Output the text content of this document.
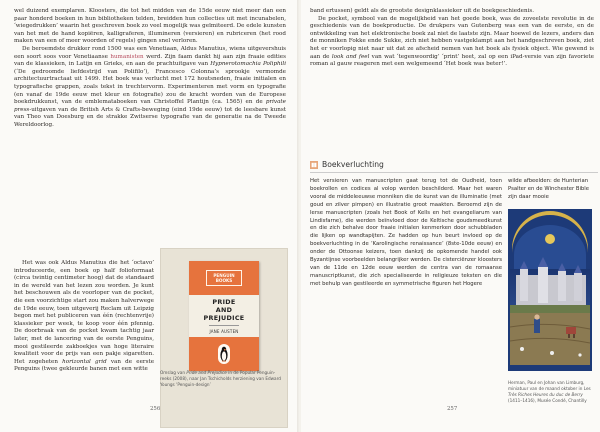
wel duizend exemplaren. Kloosters, die tot het midden van de 15de eeuw niet meer dan een paar honderd boeken in hun bibliotheken telden, breidden hun collecties uit met incunabelen, ‘wiegedrukken’ waarin het geschreven boek zo veel mogelijk was geïmiteerd. De edele kunsten van het met de hand kopiëren, kalligraferen, illumineren (versieren) en rubriceren (het rood maken van een of meer woorden of regels) gingen snel verloren.

De beroemdste drukker rond 1500 was een Venetiaan, Aldus Manutius, wiens uitgevershuis een soort soos voor Venetiaanse humanisten werd. Zijn faam dankt hij aan zijn fraaie edities van de klassieken, in Latijn en Grieks, en aan de prachtuitgave van Hypnerotomachia Poliphili (‘De gedroomde liefdestrijd van Polifilo’), Francesco Colonna’s sprookje vermomde architectuurtractaat uit 1499. Het boek was verlucht met 172 houtsneden, fraaie initialen en typografische grappen, zoals tekst in trechtervorm. Experimenteren met vorm en typografie (en vanaf de 19de eeuw met kleur en fotografie) zou de kracht worden van de Europese boekdrukkunst, van de emblemataboeken van Christoffel Plantijn (ca. 1565) en de private press-uitgaven van de British Arts & Crafts-beweging (eind 19de eeuw) tot de leesbare kunst van Theo van Doesburg en de strakke Zwitserse typografie van de generatie na de Tweede Wereldoorlog.

Het was ook Aldus Manutius die het ‘octavo’ introduceerde, een boek op half folioformaat (circa twintig centimeter hoog) dat de standaard in de wereld van het lezen zou worden. Je kunt het beschouwen als de voorloper van de pocket, die een voorzichtige start zou maken halverwege de 19de eeuw, toen uitgeverij Reclam uit Leipzig begon met het publiceren van één (rechtenvrije) klassieker per week, te koop voor één pfennig. De doorbraak van de pocket kwam tachtig jaar later, met de lancering van de eerste Penguins, mooi gestileerde zakboekjes van hoge literaire kwaliteit voor de prijs van een pakje sigaretten. Het zogeheten horizontal grid van de eerste Penguins (twee gekleurde banen met een witte

PENGUIN
BOOKS
PRIDE
AND
PREJUDICE
JANE AUSTEN
Omslag van Pride and Prejudice in de Popular Penguin-reeks (2008), naar Jan Tschicholds herziening van Edward Youngs ‘Penguin-design’
256

band ertussen) geldt als de grootste designklassieker uit de boekgeschiedenis.

De pocket, symbool van de mogelijkheid van het goede boek, was de zoveelste revolutie in de geschiedenis van de boekproductie. De drukpers van Gutenberg was een van de eerste, en de ontwikkeling van het elektronische boek zal niet de laatste zijn. Maar hoewel de lezers, anders dan de monniken Fokke ende Sukke, zich niet hebben vastgeklampt aan het handgeschreven boek, ziet het er voorlopig niet naar uit dat ze afscheid nemen van het boek als fysiek object. Wie gewend is aan de look and feel van wat ‘tegenwoordig’ ‘print’ heet, zal op een iPad-versie van zijn favoriete roman al gauw reageren met een welgemeend ‘Het boek was beter!’.

Boekverluchting
Het versieren van manuscripten gaat terug tot de Oudheid, toen boekrollen en codices al volop werden beschilderd. Maar het waren vooral de middeleeuwse monniken die de kunst van de illuminatie (met goud en zilver pimpen) en illustratie groot maakten. Beroemd zijn de Ierse manuscripten (zoals het Book of Kells en het evangeliarum van Lindisfarne), die werden beïnvloed door de Keltische goudsmeedkunst en die zich behalve door fraaie initialen kenmerken door schubbladen die lijken op wandtapijten. Ze hadden op hun beurt invloed op de boekverluchting in de ‘Karolingische renaissance’ (8ste-10de eeuw) en onder de Ottoonse keizers, toen dankzij de opkomende handel ook Byzantijnse voorbeelden belangrijker werden. De cisterciënzer kloosters van de 11de en 12de eeuw werden de centra van de romaanse manuscriptkunst, die zich specialiseerde in religieuze teksten en die met behulp van gestileerde en symmetrische figuren het Hogere
wilde afbeelden: de Hunterian Psalter en de Winchester Bible zijn daar mooie
Herman, Paul en Johan van Limburg, miniatuur van de maand oktober in Les Très Riches Heures du duc de Berry (1411–1416), Musée Condé, Chantilly
257
